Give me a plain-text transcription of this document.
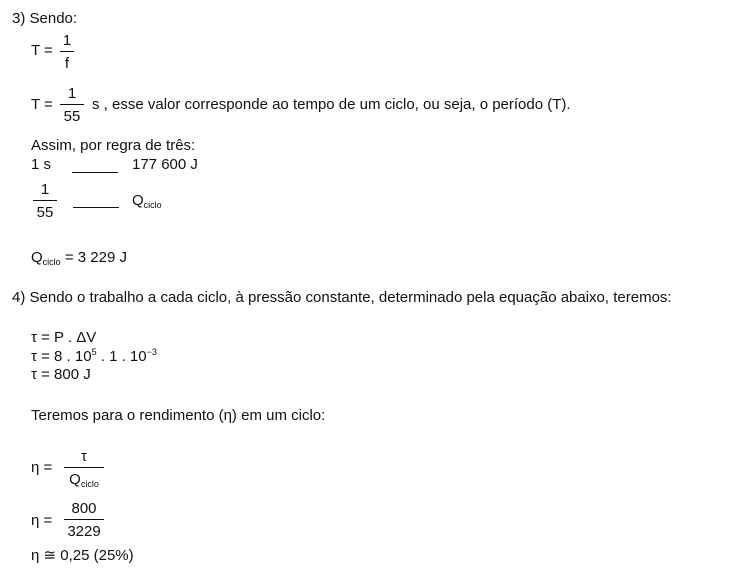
3) Sendo:
T =
1
f
T =
1
55
s , esse valor corresponde ao tempo de um ciclo, ou seja, o período (T).
Assim, por regra de três:
1 s	177 600 J
1
55
$Q_{ciclo}$
$Q_{ciclo} = 3$ 229 J
4) Sendo o trabalho a cada ciclo, à pressão constante, determinado pela equação abaixo, teremos:
τ = P . ΔV
τ = 8 . $10^5$ . 1 . $10^{-3}$
τ = 800 J
Teremos para o rendimento (η) em um ciclo:
η =
τ
$Q_{ciclo}$
η =
800
3229
η ≅ 0,25 (25%)
